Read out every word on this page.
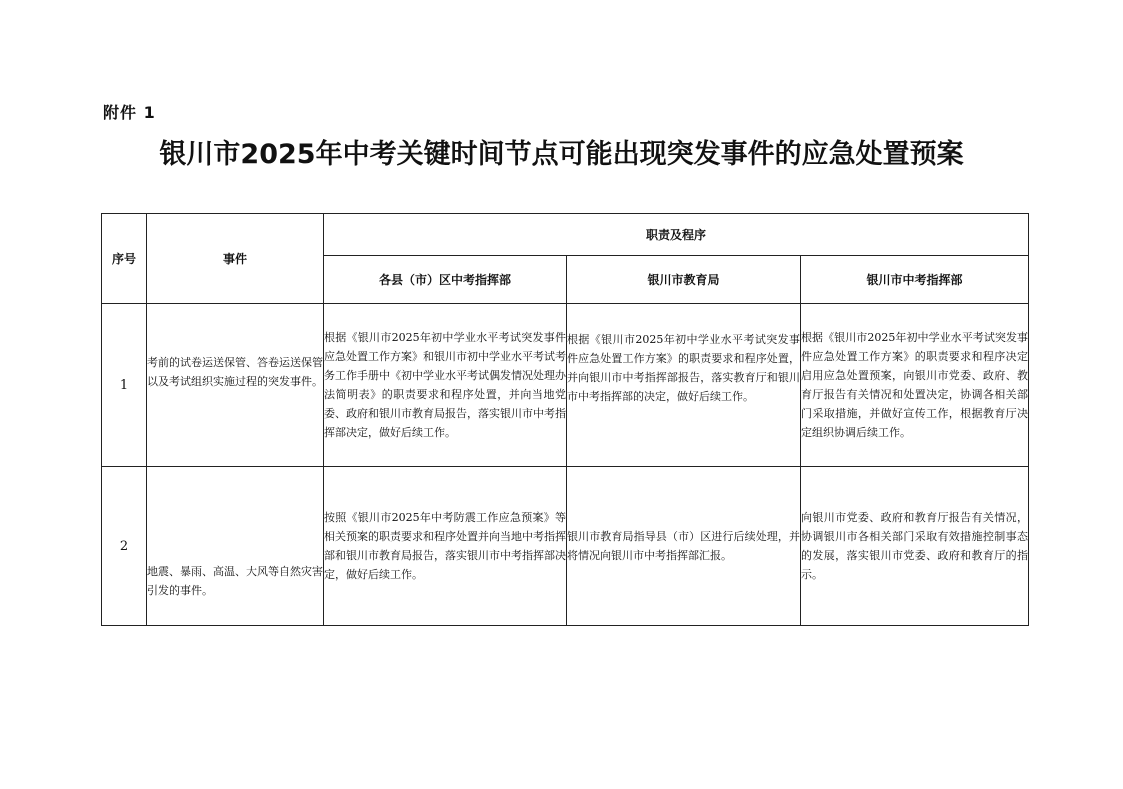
附件 1
银川市2025年中考关键时间节点可能出现突发事件的应急处置预案
序号	事件	职责及程序		
		各县（市）区中考指挥部	银川市教育局	银川市中考指挥部
1	考前的试卷运送保管、答卷运送保管以及考试组织实施过程的突发事件。	根据《银川市2025年初中学业水平考试突发事件应急处置工作方案》和银川市初中学业水平考试考务工作手册中《初中学业水平考试偶发情况处理办法简明表》的职责要求和程序处置，并向当地党委、政府和银川市教育局报告，落实银川市中考指挥部决定，做好后续工作。	根据《银川市2025年初中学业水平考试突发事件应急处置工作方案》的职责要求和程序处置，并向银川市中考指挥部报告，落实教育厅和银川市中考指挥部的决定，做好后续工作。	根据《银川市2025年初中学业水平考试突发事件应急处置工作方案》的职责要求和程序决定启用应急处置预案，向银川市党委、政府、教育厅报告有关情况和处置决定，协调各相关部门采取措施，并做好宣传工作，根据教育厅决定组织协调后续工作。

2	地震、暴雨、高温、大风等自然灾害引发的事件。	按照《银川市2025年中考防震工作应急预案》等相关预案的职责要求和程序处置并向当地中考指挥部和银川市教育局报告，落实银川市中考指挥部决定，做好后续工作。	银川市教育局指导县（市）区进行后续处理，并将情况向银川市中考指挥部汇报。	向银川市党委、政府和教育厅报告有关情况，协调银川市各相关部门采取有效措施控制事态的发展，落实银川市党委、政府和教育厅的指示。
